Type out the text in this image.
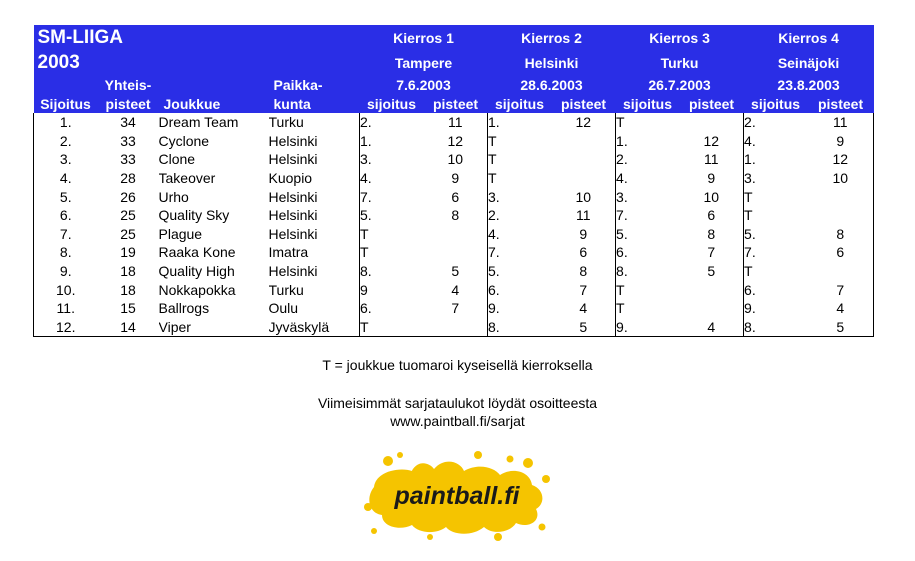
SM-LIIGA				Kierros 1		Kierros 2		Kierros 3		Kierros 4	
2003				Tampere		Helsinki		Turku		Seinäjoki	
	Yhteis-		Paikka-	7.6.2003		28.6.2003		26.7.2003		23.8.2003	
Sijoitus	pisteet	Joukkue	kunta	sijoitus	pisteet	sijoitus	pisteet	sijoitus	pisteet	sijoitus	pisteet
1.	34	Dream Team	Turku	2.	11	1.	12	T		2.	11
2.	33	Cyclone	Helsinki	1.	12	T		1.	12	4.	9
3.	33	Clone	Helsinki	3.	10	T		2.	11	1.	12
4.	28	Takeover	Kuopio	4.	9	T		4.	9	3.	10
5.	26	Urho	Helsinki	7.	6	3.	10	3.	10	T	
6.	25	Quality Sky	Helsinki	5.	8	2.	11	7.	6	T	
7.	25	Plague	Helsinki	T		4.	9	5.	8	5.	8
8.	19	Raaka Kone	Imatra	T		7.	6	6.	7	7.	6
9.	18	Quality High	Helsinki	8.	5	5.	8	8.	5	T	
10.	18	Nokkapokka	Turku	9	4	6.	7	T		6.	7
11.	15	Ballrogs	Oulu	6.	7	9.	4	T		9.	4
12.	14	Viper	Jyväskylä	T		8.	5	9.	4	8.	5
T = joukkue tuomaroi kyseisellä kierroksella
Viimeisimmät sarjataulukot löydät osoitteesta
www.paintball.fi/sarjat
paintball.fi
